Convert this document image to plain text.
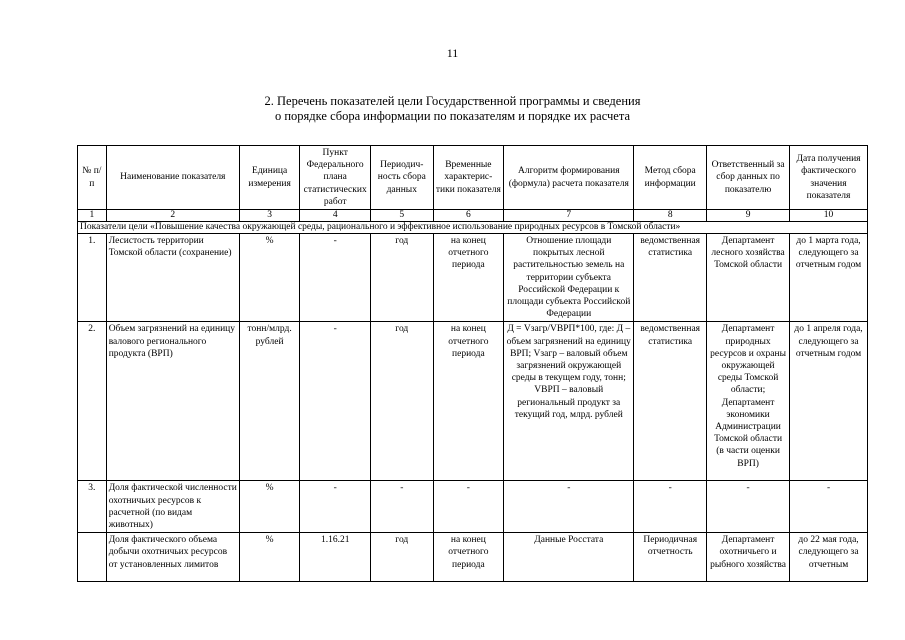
11
2. Перечень показателей цели Государственной программы и сведения
о порядке сбора информации по показателям и порядке их расчета
№ п/п	Наименование показателя	Единица измерения	Пункт Федерального плана статистических работ	Периодич-ность сбора данных	Временные характерис-тики показателя	Алгоритм формирования (формула) расчета показателя	Метод сбора информации	Ответственный за сбор данных по показателю	Дата получения фактического значения показателя
1	2	3	4	5	6	7	8	9	10
Показатели цели «Повышение качества окружающей среды, рационального и эффективное использование природных ресурсов в Томской области»									
1.	Лесистость территории Томской области (сохранение)	%	-	год	на конец отчетного периода	Отношение площади покрытых лесной растительностью земель на территории субъекта Российской Федерации к площади субъекта Российской Федерации	ведомственная статистика	Департамент лесного хозяйства Томской области	до 1 марта года, следующего за отчетным годом
2.	Объем загрязнений на единицу валового регионального продукта (ВРП)	тонн/млрд. рублей	-	год	на конец отчетного периода	Д = Vзагр/VВРП*100, где: Д – объем загрязнений на единицу ВРП; Vзагр – валовый объем загрязнений окружающей среды в текущем году, тонн; VВРП – валовый региональный продукт за текущий год, млрд. рублей	ведомственная статистика	Департамент природных ресурсов и охраны окружающей среды Томской области; Департамент экономики Администрации Томской области (в части оценки ВРП)	до 1 апреля года, следующего за отчетным годом
3.	Доля фактической численности охотничьих ресурсов к расчетной (по видам животных)	%	-	-	-	-	-	-	-
	Доля фактического объема добычи охотничьих ресурсов от установленных лимитов	%	1.16.21	год	на конец отчетного периода	Данные Росстата	Периодичная отчетность	Департамент охотничьего и рыбного хозяйства	до 22 мая года, следующего за отчетным
